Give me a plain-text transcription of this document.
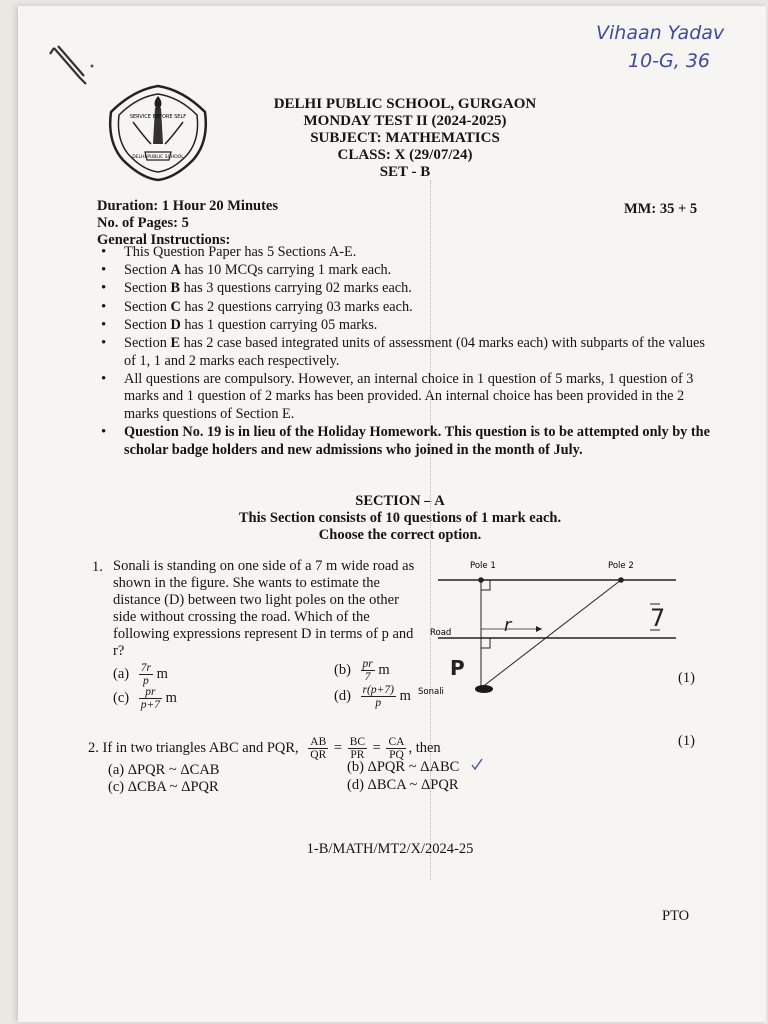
Vihaan Yadav
10-G, 36
SERVICE BEFORE SELF
DELHI PUBLIC SCHOOL
DELHI PUBLIC SCHOOL, GURGAON
MONDAY TEST II (2024-2025)
SUBJECT: MATHEMATICS
CLASS: X (29/07/24)
SET - B
Duration: 1 Hour 20 Minutes	MM: 35 + 5
No. of Pages: 5
General Instructions:
• This Question Paper has 5 Sections A-E.
• Section A has 10 MCQs carrying 1 mark each.
• Section B has 3 questions carrying 02 marks each.
• Section C has 2 questions carrying 03 marks each.
• Section D has 1 question carrying 05 marks.
• Section E has 2 case based integrated units of assessment (04 marks each) with subparts of the values of 1, 1 and 2 marks each respectively.
• All questions are compulsory. However, an internal choice in 1 question of 5 marks, 1 question of 3 marks and 1 question of 2 marks has been provided. An internal choice has been provided in the 2 marks questions of Section E.
• Question No. 19 is in lieu of the Holiday Homework. This question is to be attempted only by the scholar badge holders and new admissions who joined in the month of July.
SECTION – A
This Section consists of 10 questions of 1 mark each.
Choose the correct option.
1. Sonali is standing on one side of a 7 m wide road as shown in the figure. She wants to estimate the distance (D) between two light poles on the other side without crossing the road. Which of the following expressions represent D in terms of p and r?
$(a) \frac{7r}{p}$ m	$(b) \frac{pr}{7}$ m
$(c) \frac{pr}{p+7}$ m	$(d) \frac{r(p+7)}{p}$ m
(1)
Pole 1	Pole 2
Road
Sonali
r
P
7
2. If in two triangles ABC and PQR, $\frac{AB}{QR} = \frac{BC}{PR} = \frac{CA}{PQ}$ , then	(1)
(a) ΔPQR ~ ΔCAB	(b) ΔPQR ~ ΔABC
(c) ΔCBA ~ ΔPQR	(d) ΔBCA ~ ΔPQR
1-B/MATH/MT2/X/2024-25
PTO
